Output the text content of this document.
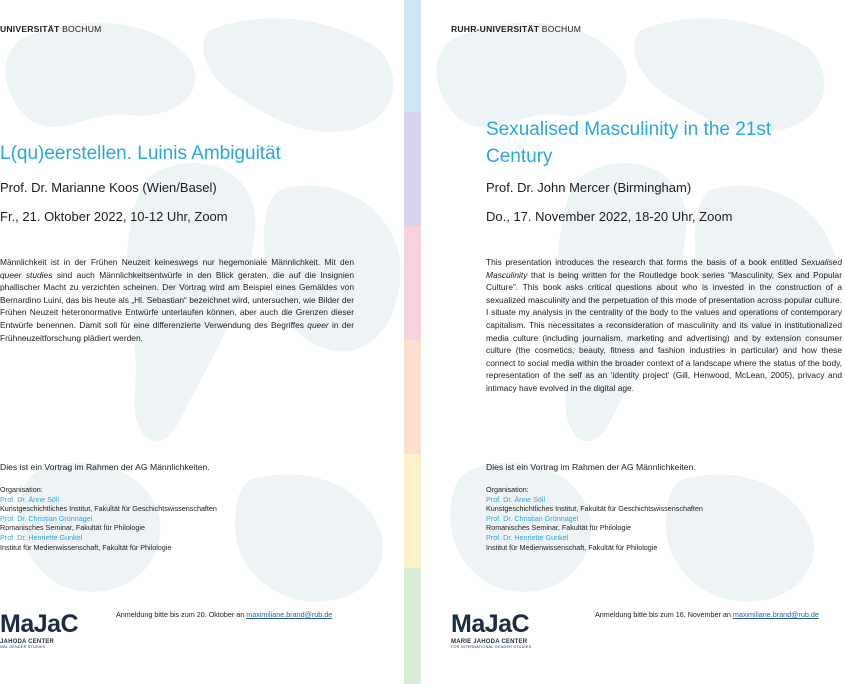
UNIVERSITÄT BOCHUM
L(qu)eerstellen. Luinis Ambiguität
Prof. Dr. Marianne Koos (Wien/Basel)
Fr., 21. Oktober 2022, 10-12 Uhr, Zoom

Männlichkeit ist in der Frühen Neuzeit keineswegs nur hegemoniale Männlichkeit. Mit den queer studies sind auch Männlichkeitsentwürfe in den Blick geraten, die auf die Insignien phallischer Macht zu verzichten scheinen. Der Vortrag wird am Beispiel eines Gemäldes von Bernardino Luini, das bis heute als „Hl. Sebastian“ bezeichnet wird, untersuchen, wie Bilder der Frühen Neuzeit heteronormative Entwürfe unterlaufen können, aber auch die Grenzen dieser Entwürfe benennen. Damit soll für eine differenzierte Verwendung des Begriffes queer in der Frühneuzeitforschung plädiert werden.

Dies ist ein Vortrag im Rahmen der AG Männlichkeiten.
Organisation:
Prof. Dr. Änne Söll
Kunstgeschichtliches Institut, Fakultät für Geschichtswissenschaften
Prof. Dr. Christian Grünnagel
Romanisches Seminar, Fakultät für Philologie
Prof. Dr. Henriette Gunkel
Institut für Medienwissenschaft, Fakultät für Philologie
MaJaC
JAHODA CENTER
NAL GENDER STUDIES
Anmeldung bitte bis zum 20. Oktober an maximiliane.brand@rub.de
RUHR-UNIVERSITÄT BOCHUM
Sexualised Masculinity in the 21st Century
Prof. Dr. John Mercer (Birmingham)
Do., 17. November 2022, 18-20 Uhr, Zoom

This presentation introduces the research that forms the basis of a book entitled Sexualised Masculinity that is being written for the Routledge book series “Masculinity, Sex and Popular Culture”. This book asks critical questions about who is invested in the construction of a sexualized masculinity and the perpetuation of this mode of presentation across popular culture. I situate my analysis in the centrality of the body to the values and operations of contemporary capitalism. This necessitates a reconsideration of masculinity and its value in institutionalized media culture (including journalism, marketing and advertising) and by extension consumer culture (the cosmetics, beauty, fitness and fashion industries in particular) and how these connect to social media within the broader context of a landscape where the status of the body, representation of the self as an ‘identity project’ (Gill, Henwood, McLean, 2005), privacy and intimacy have evolved in the digital age.

Dies ist ein Vortrag im Rahmen der AG Männlichkeiten.
Organisation:
Prof. Dr. Änne Söll
Kunstgeschichtliches Institut, Fakultät für Geschichtswissenschaften
Prof. Dr. Christian Grünnagel
Romanisches Seminar, Fakultät für Philologie
Prof. Dr. Henriette Gunkel
Institut für Medienwissenschaft, Fakultät für Philologie
MaJaC
MARIE JAHODA CENTER
FOR INTERNATIONAL GENDER STUDIES
Anmeldung bitte bis zum 16. November an maximiliane.brand@rub.de
